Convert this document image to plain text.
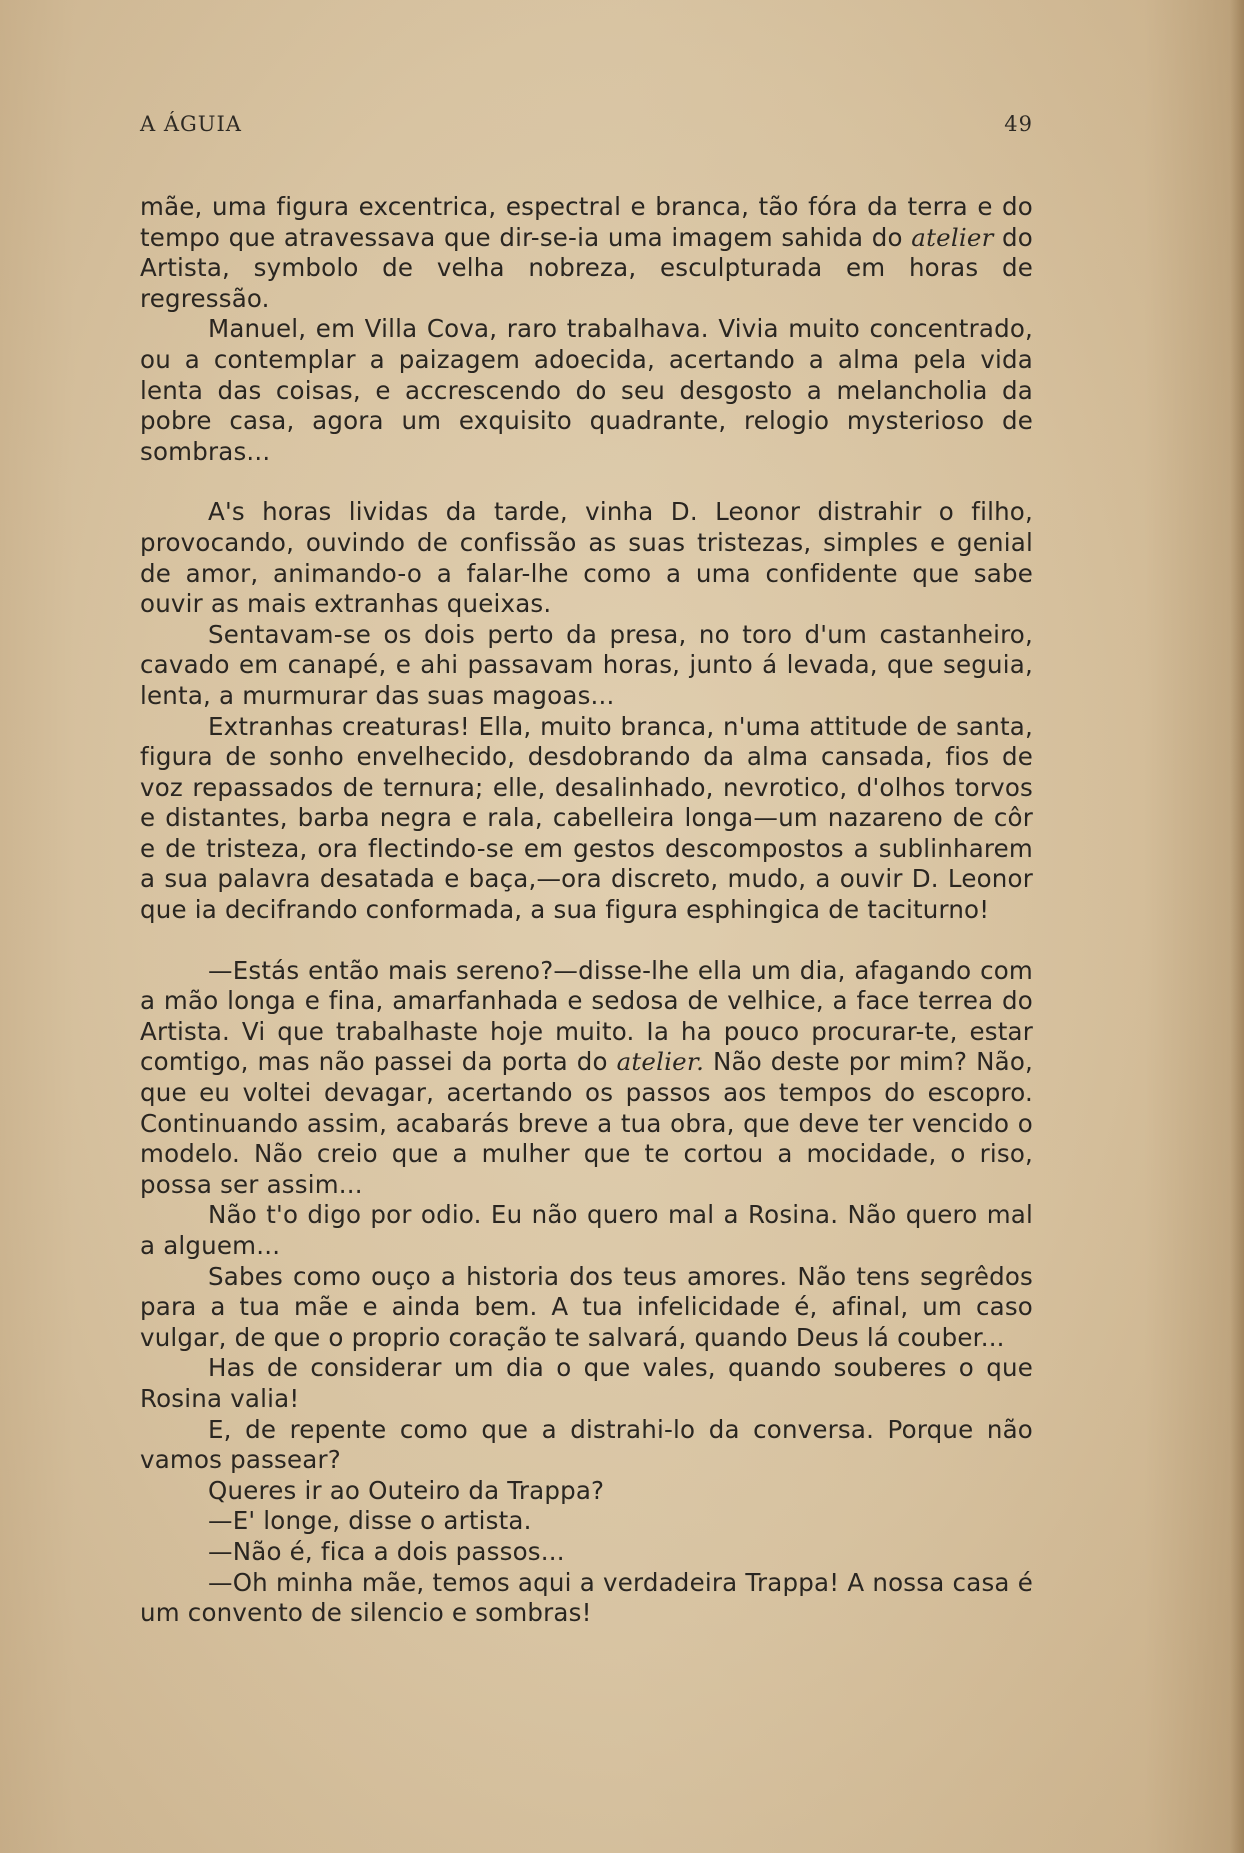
A ÁGUIA	49

mãe, uma figura excentrica, espectral e branca, tão fóra da terra e do tempo que atravessava que dir-se-ia uma imagem sahida do atelier do Artista, symbolo de velha nobreza, esculpturada em horas de regressão.

Manuel, em Villa Cova, raro trabalhava. Vivia muito concentrado, ou a contemplar a paizagem adoecida, acertando a alma pela vida lenta das coisas, e accrescendo do seu desgosto a melancholia da pobre casa, agora um exquisito quadrante, relogio mysterioso de sombras...

A's horas lividas da tarde, vinha D. Leonor distrahir o filho, provocando, ouvindo de confissão as suas tristezas, simples e genial de amor, animando-o a falar-lhe como a uma confidente que sabe ouvir as mais extranhas queixas.

Sentavam-se os dois perto da presa, no toro d'um castanheiro, cavado em canapé, e ahi passavam horas, junto á levada, que seguia, lenta, a murmurar das suas magoas...

Extranhas creaturas! Ella, muito branca, n'uma attitude de santa, figura de sonho envelhecido, desdobrando da alma cansada, fios de voz repassados de ternura; elle, desalinhado, nevrotico, d'olhos torvos e distantes, barba negra e rala, cabelleira longa—um nazareno de côr e de tristeza, ora flectindo-se em gestos descompostos a sublinharem a sua palavra desatada e baça,—ora discreto, mudo, a ouvir D. Leonor que ia decifrando conformada, a sua figura esphingica de taciturno!

—Estás então mais sereno?—disse-lhe ella um dia, afagando com a mão longa e fina, amarfanhada e sedosa de velhice, a face terrea do Artista. Vi que trabalhaste hoje muito. Ia ha pouco procurar-te, estar comtigo, mas não passei da porta do atelier. Não deste por mim? Não, que eu voltei devagar, acertando os passos aos tempos do escopro. Continuando assim, acabarás breve a tua obra, que deve ter vencido o modelo. Não creio que a mulher que te cortou a mocidade, o riso, possa ser assim...

Não t'o digo por odio. Eu não quero mal a Rosina. Não quero mal a alguem...

Sabes como ouço a historia dos teus amores. Não tens segrêdos para a tua mãe e ainda bem. A tua infelicidade é, afinal, um caso vulgar, de que o proprio coração te salvará, quando Deus lá couber...

Has de considerar um dia o que vales, quando souberes o que Rosina valia!

E, de repente como que a distrahi-lo da conversa. Porque não vamos passear?

Queres ir ao Outeiro da Trappa?

—E' longe, disse o artista.

—Não é, fica a dois passos...

—Oh minha mãe, temos aqui a verdadeira Trappa! A nossa casa é um convento de silencio e sombras!
